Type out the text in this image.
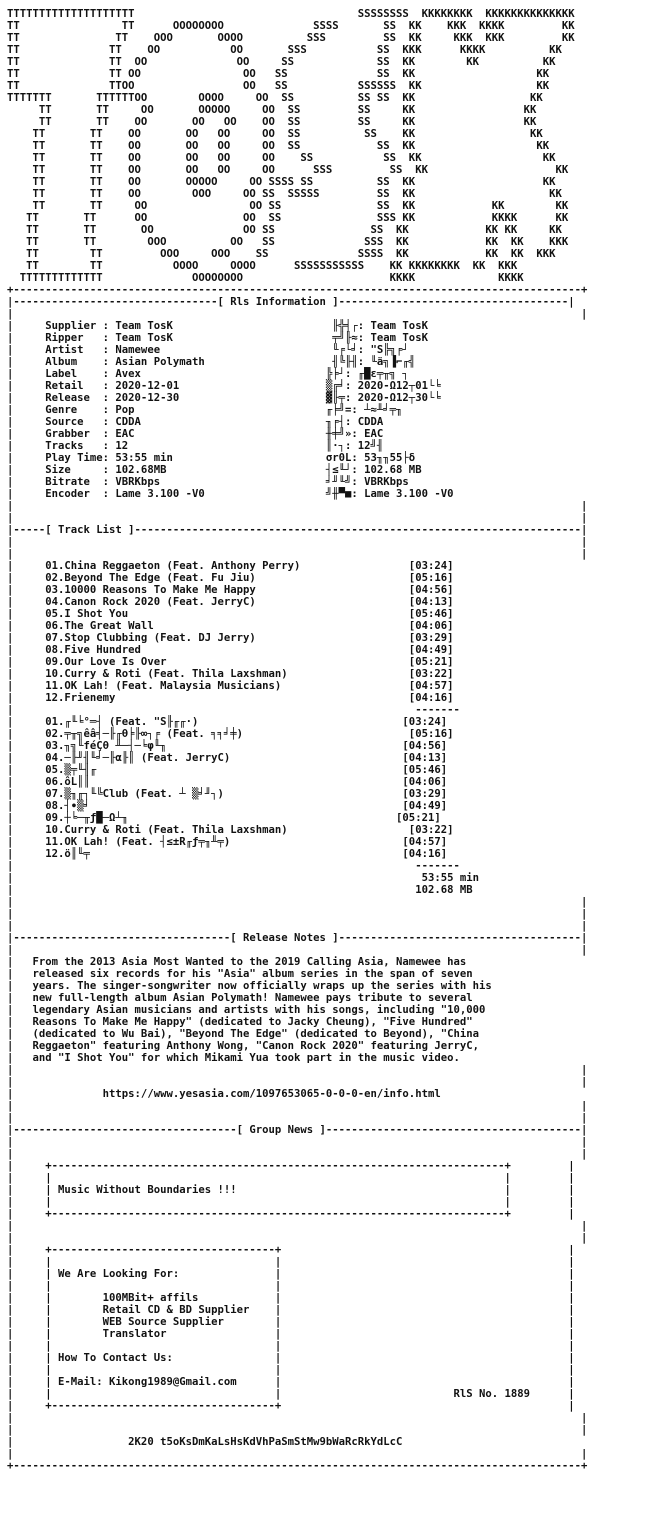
TTTTTTTTTTTTTTTTTTTT                                   SSSSSSSS  KKKKKKKK  KKKKKKKKKKKKKK
TT                TT      OOOOOOOO              SSSS       SS  KK    KKK  KKKK         KK
TT               TT    OOO       OOOO          SSS         SS  KK     KKK  KKK         KK
TT              TT    OO           OO       SSS           SS  KKK      KKKK          KK
TT              TT  OO              OO     SS             SS  KK        KK          KK
TT              TT OO                OO   SS              SS  KK                   KK
TT              TTOO                 OO   SS           SSSSSS  KK                  KK
TTTTTTT       TTTTTTOO        OOOO     OO  SS          SS SS  KK                  KK
TT       TT     OO       OOOOO     OO  SS         SS     KK                 KK
TT       TT    OO       OO   OO    OO  SS         SS     KK                 KK
TT       TT    OO       OO   OO     OO  SS          SS    KK                  KK
TT       TT    OO       OO   OO     OO  SS            SS  KK                   KK
TT       TT    OO       OO   OO     OO    SS           SS  KK                   KK
TT       TT    OO       OO   OO     OO      SSS         SS  KK                    KK
TT       TT    OO       OOOOO     OO SSSS SS          SS  KK                    KK
TT       TT    OO        OOO     OO SS  SSSSS         SS  KK                     KK
TT       TT     OO                OO SS               SS  KK            KK        KK
TT       TT      OO               OO  SS               SSS KK            KKKK      KK
TT       TT       OO              OO SS               SS  KK            KK KK     KK
TT       TT        OOO          OO   SS              SSS  KK            KK  KK    KKK
TT        TT         OOO     OOO    SS              SSSS  KK            KK  KK  KKK
TT        TT           OOOO     OOOO      SSSSSSSSSSS    KK KKKKKKKK  KK  KKK
TTTTTTTTTTTTT              OOOOOOOO                       KKKK             KKKK
+-----------------------------------------------------------------------------------------+
|--------------------------------[ Rls Information ]------------------------------------|
|                                                                                         |
|     Supplier : Team TosK                         ╟╬╡┌: Team TosK
|     Ripper   : Team TosK                         ╤╝╟≈: Team TosK
|     Artist   : Namewee                           ╙╒└╛: "S╠╗╒┘
|     Album    : Asian Polymath                    ╢╚╟╢: ╙ä╗▐⌐╓╣
|     Label    : Avex                             ╠╞┘: ╓█ε╤╥╗ ┐
|     Retail   : 2020-12-01                       ▒╔╛: 2020-Ω12┬01└╘
|     Release  : 2020-12-30                       ▓╟╤: 2020-Ω12┬30└╘
|     Genre    : Pop                              ╓╞╝=: ┴≈╨╛╤╖
|     Source   : CDDA                             ╖╒┤: CDDA
|     Grabber  : EAC                              ╫╪╝»: EAC
|     Tracks   : 12                               ║·┐: 12╝╢
|     Play Time: 53:55 min                        σr0L: 53╖╖55├δ
|     Size     : 102.68MB                         ┤≤╙┘: 102.68 MB
|     Bitrate  : VBRKbps                          ╛╜╙╝: VBRKbps
|     Encoder  : Lame 3.100 -V0                   ╝╫▀■: Lame 3.100 -V0
|                                                                                         |
|                                                                                         |
|-----[ Track List ]----------------------------------------------------------------------|
|                                                                                         |
|                                                                                         |
|     01.China Reggaeton (Feat. Anthony Perry)                 [03:24]
|     02.Beyond The Edge (Feat. Fu Jiu)                        [05:16]
|     03.10000 Reasons To Make Me Happy                        [04:56]
|     04.Canon Rock 2020 (Feat. JerryC)                        [04:13]
|     05.I Shot You                                            [05:46]
|     06.The Great Wall                                        [04:06]
|     07.Stop Clubbing (Feat. DJ Jerry)                        [03:29]
|     08.Five Hundred                                          [04:49]
|     09.Our Love Is Over                                      [05:21]
|     10.Curry & Roti (Feat. Thila Laxshman)                   [03:22]
|     11.OK Lah! (Feat. Malaysia Musicians)                    [04:57]
|     12.Frienemy                                              [04:16]
|                                                               -------
|     01.╓╙╘°═┤ (Feat. "S╟╓╓·)                                [03:24]
|     02.╤╥╗êâ╡─╟╓θ╞╟∞┐╒ (Feat. ╕╕╛╪)                          [05:16]
|     03.╖╗╙féÇθ ╨─┤─╘φ╙╖                                     [04:56]
|     04.─╟╜╢╙╛─╟α╟║ (Feat. JerryC)                           [04:13]
|     05.▒╤╙╢╓                                                [05:46]
|     06.ôL║║                                                 [04:06]
|     07.▒╖╓┐╙╚Club (Feat. ┴ ▒╛╜┐)                            [03:29]
|     08.┤∙▒╛                                                 [04:49]
|     09.┼╘─╥ƒ█─Ω┴╖                                          [05:21]
|     10.Curry & Roti (Feat. Thila Laxshman)                   [03:22]
|     11.OK Lah! (Feat. ┤≤±R╓ƒ╤╖╨╤)                           [04:57]
|     12.ö║╙╤                                                 [04:16]
|                                                               -------
|                                                                53:55 min
|                                                               102.68 MB
|                                                                                         |
|                                                                                         |
|                                                                                         |
|----------------------------------[ Release Notes ]--------------------------------------|
|                                                                                         |
|   From the 2013 Asia Most Wanted to the 2019 Calling Asia, Namewee has
|   released six records for his "Asia" album series in the span of seven
|   years. The singer-songwriter now officially wraps up the series with his
|   new full-length album Asian Polymath! Namewee pays tribute to several
|   legendary Asian musicians and artists with his songs, including "10,000
|   Reasons To Make Me Happy" (dedicated to Jacky Cheung), "Five Hundred"
|   (dedicated to Wu Bai), "Beyond The Edge" (dedicated to Beyond), "China
|   Reggaeton" featuring Anthony Wong, "Canon Rock 2020" featuring JerryC,
|   and "I Shot You" for which Mikami Yua took part in the music video.
|                                                                                         |
|                                                                                         |
|              https://www.yesasia.com/1097653065-0-0-0-en/info.html
|                                                                                         |
|                                                                                         |
|-----------------------------------[ Group News ]----------------------------------------|
|                                                                                         |
|                                                                                         |
|     +-----------------------------------------------------------------------+         |
|     |                                                                       |         |
|     | Music Without Boundaries !!!                                          |         |
|     |                                                                       |         |
|     +-----------------------------------------------------------------------+         |
|                                                                                         |
|                                                                                         |
|     +-----------------------------------+                                             |
|     |                                   |                                             |
|     | We Are Looking For:               |                                             |
|     |                                   |                                             |
|     |        100MBit+ affils            |                                             |
|     |        Retail CD & BD Supplier    |                                             |
|     |        WEB Source Supplier        |                                             |
|     |        Translator                 |                                             |
|     |                                   |                                             |
|     | How To Contact Us:                |                                             |
|     |                                   |                                             |
|     | E-Mail: Kikong1989@Gmail.com      |                                             |
|     |                                   |                           RlS No. 1889      |
|     +-----------------------------------+                                             |
|                                                                                         |
|                                                                                         |
|                  2K20 t5oKsDmKaLsHsKdVhPaSmStMw9bWaRcRkYdLcC
|                                                                                         |
+-----------------------------------------------------------------------------------------+
